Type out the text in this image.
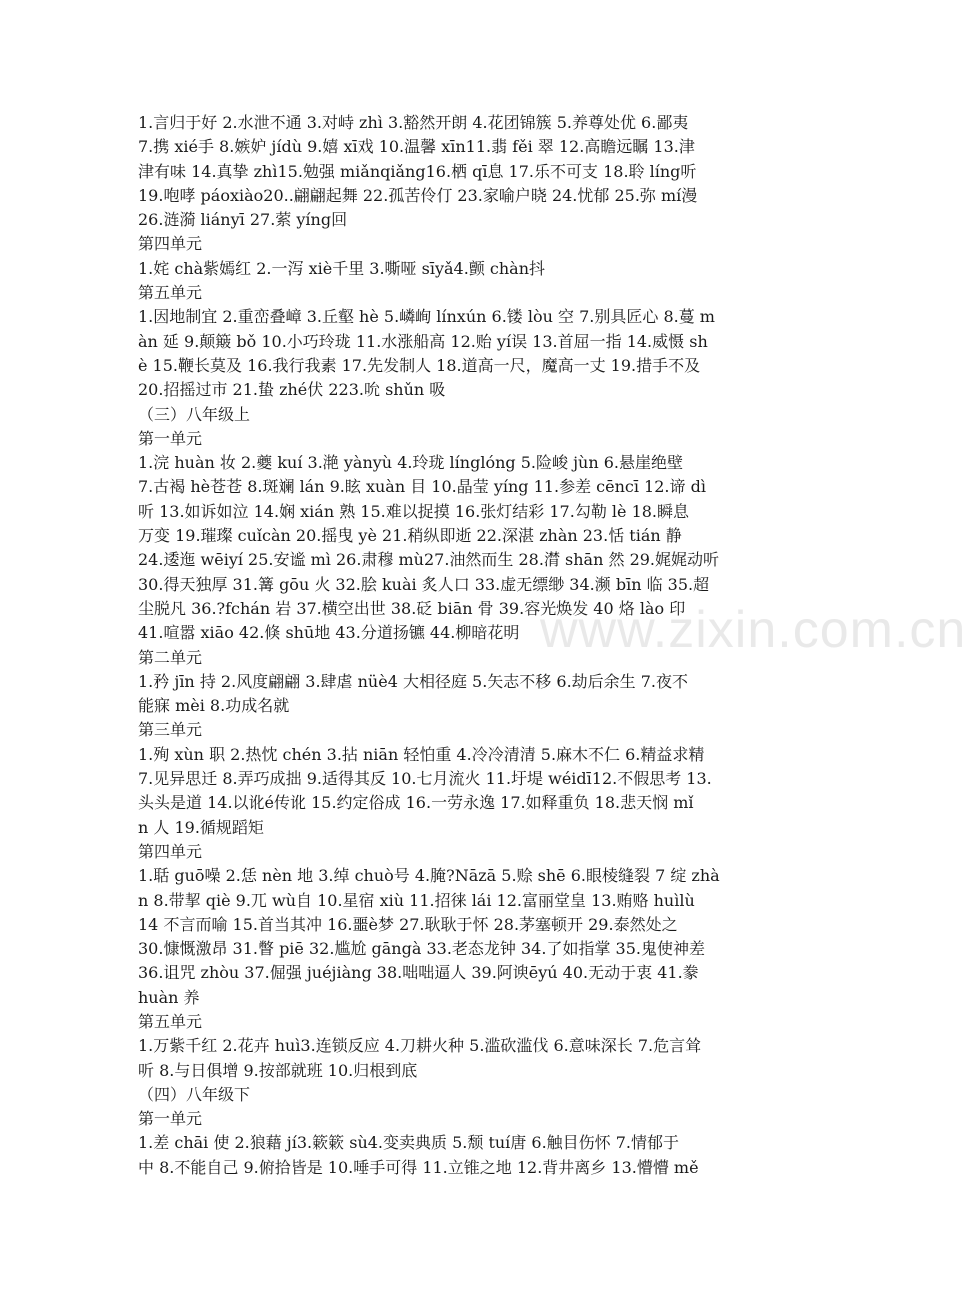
1.言归于好 2.水泄不通 3.对峙 zhì 3.豁然开朗 4.花团锦簇 5.养尊处优 6.鄙夷
7.携 xié手 8.嫉妒 jídù 9.嬉 xī戏 10.温馨 xīn11.翡 fěi 翠 12.高瞻远瞩 13.津
津有味 14.真挚 zhì15.勉强 miǎnqiǎng16.栖 qī息 17.乐不可支 18.聆 líng听
19.咆哮 páoxiào20..翩翩起舞 22.孤苦伶仃 23.家喻户晓 24.忧郁 25.弥 mí漫
26.涟漪 liányī 27.萦 yíng回
第四单元
1.姹 chà紫嫣红 2.一泻 xiè千里 3.嘶哑 sīyǎ4.颤 chàn抖
第五单元
1.因地制宜 2.重峦叠嶂 3.丘壑 hè 5.嶙峋 línxún 6.镂 lòu 空 7.别具匠心 8.蔓 m
àn 延 9.颠簸 bǒ 10.小巧玲珑 11.水涨船高 12.贻 yí误 13.首屈一指 14.威慑 sh
è 15.鞭长莫及 16.我行我素 17.先发制人 18.道高一尺，魔高一丈 19.措手不及
20.招摇过市 21.蛰 zhé伏 223.吮 shǔn 吸
（三）八年级上
第一单元
1.浣 huàn 妆 2.夔 kuí 3.滟 yànyù 4.玲珑 línglóng 5.险峻 jùn 6.悬崖绝壁
7.古褐 hè苍苍 8.斑斓 lán 9.眩 xuàn 目 10.晶莹 yíng 11.参差 cēncī 12.谛 dì
听 13.如诉如泣 14.娴 xián 熟 15.难以捉摸 16.张灯结彩 17.勾勒 lè 18.瞬息
万变 19.璀璨 cuǐcàn 20.摇曳 yè 21.稍纵即逝 22.深湛 zhàn 23.恬 tián 静
24.逶迤 wēiyí 25.安谧 mì 26.肃穆 mù27.油然而生 28.潸 shān 然 29.娓娓动听
30.得天独厚 31.篝 gōu 火 32.脍 kuài 炙人口 33.虚无缥缈 34.濒 bīn 临 35.超
尘脱凡 36.?fchán 岩 37.横空出世 38.砭 biān 骨 39.容光焕发 40 烙 lào 印
41.喧嚣 xiāo 42.倏 shū地 43.分道扬镳 44.柳暗花明
第二单元
1.矜 jīn 持 2.风度翩翩 3.肆虐 nüè4 大相径庭 5.矢志不移 6.劫后余生 7.夜不
能寐 mèi 8.功成名就
第三单元
1.殉 xùn 职 2.热忱 chén 3.拈 niān 轻怕重 4.冷冷清清 5.麻木不仁 6.精益求精
7.见异思迁 8.弄巧成拙 9.适得其反 10.七月流火 11.圩堤 wéidī12.不假思考 13.
头头是道 14.以讹é传讹 15.约定俗成 16.一劳永逸 17.如释重负 18.悲天悯 mǐ
n 人 19.循规蹈矩
第四单元
1.聒 guō噪 2.恁 nèn 地 3.绰 chuò号 4.腌?Nāzā 5.赊 shē 6.眼棱缝裂 7 绽 zhà
n 8.带挈 qiè 9.兀 wù自 10.星宿 xiù 11.招徕 lái 12.富丽堂皇 13.贿赂 huìlù
14 不言而喻 15.首当其冲 16.噩è梦 27.耿耿于怀 28.茅塞顿开 29.泰然处之
30.慷慨激昂 31.瞥 piē 32.尴尬 gāngà 33.老态龙钟 34.了如指掌 35.鬼使神差
36.诅咒 zhòu 37.倔强 juéjiàng 38.咄咄逼人 39.阿谀ēyú 40.无动于衷 41.豢
huàn 养
第五单元
1.万紫千红 2.花卉 huì3.连锁反应 4.刀耕火种 5.滥砍滥伐 6.意味深长 7.危言耸
听 8.与日俱增 9.按部就班 10.归根到底
（四）八年级下
第一单元
1.差 chāi 使 2.狼藉 jí3.簌簌 sù4.变卖典质 5.颓 tuí唐 6.触目伤怀 7.情郁于
中 8.不能自己 9.俯拾皆是 10.唾手可得 11.立锥之地 12.背井离乡 13.懵懵 mě
www.zixin.com.cn
